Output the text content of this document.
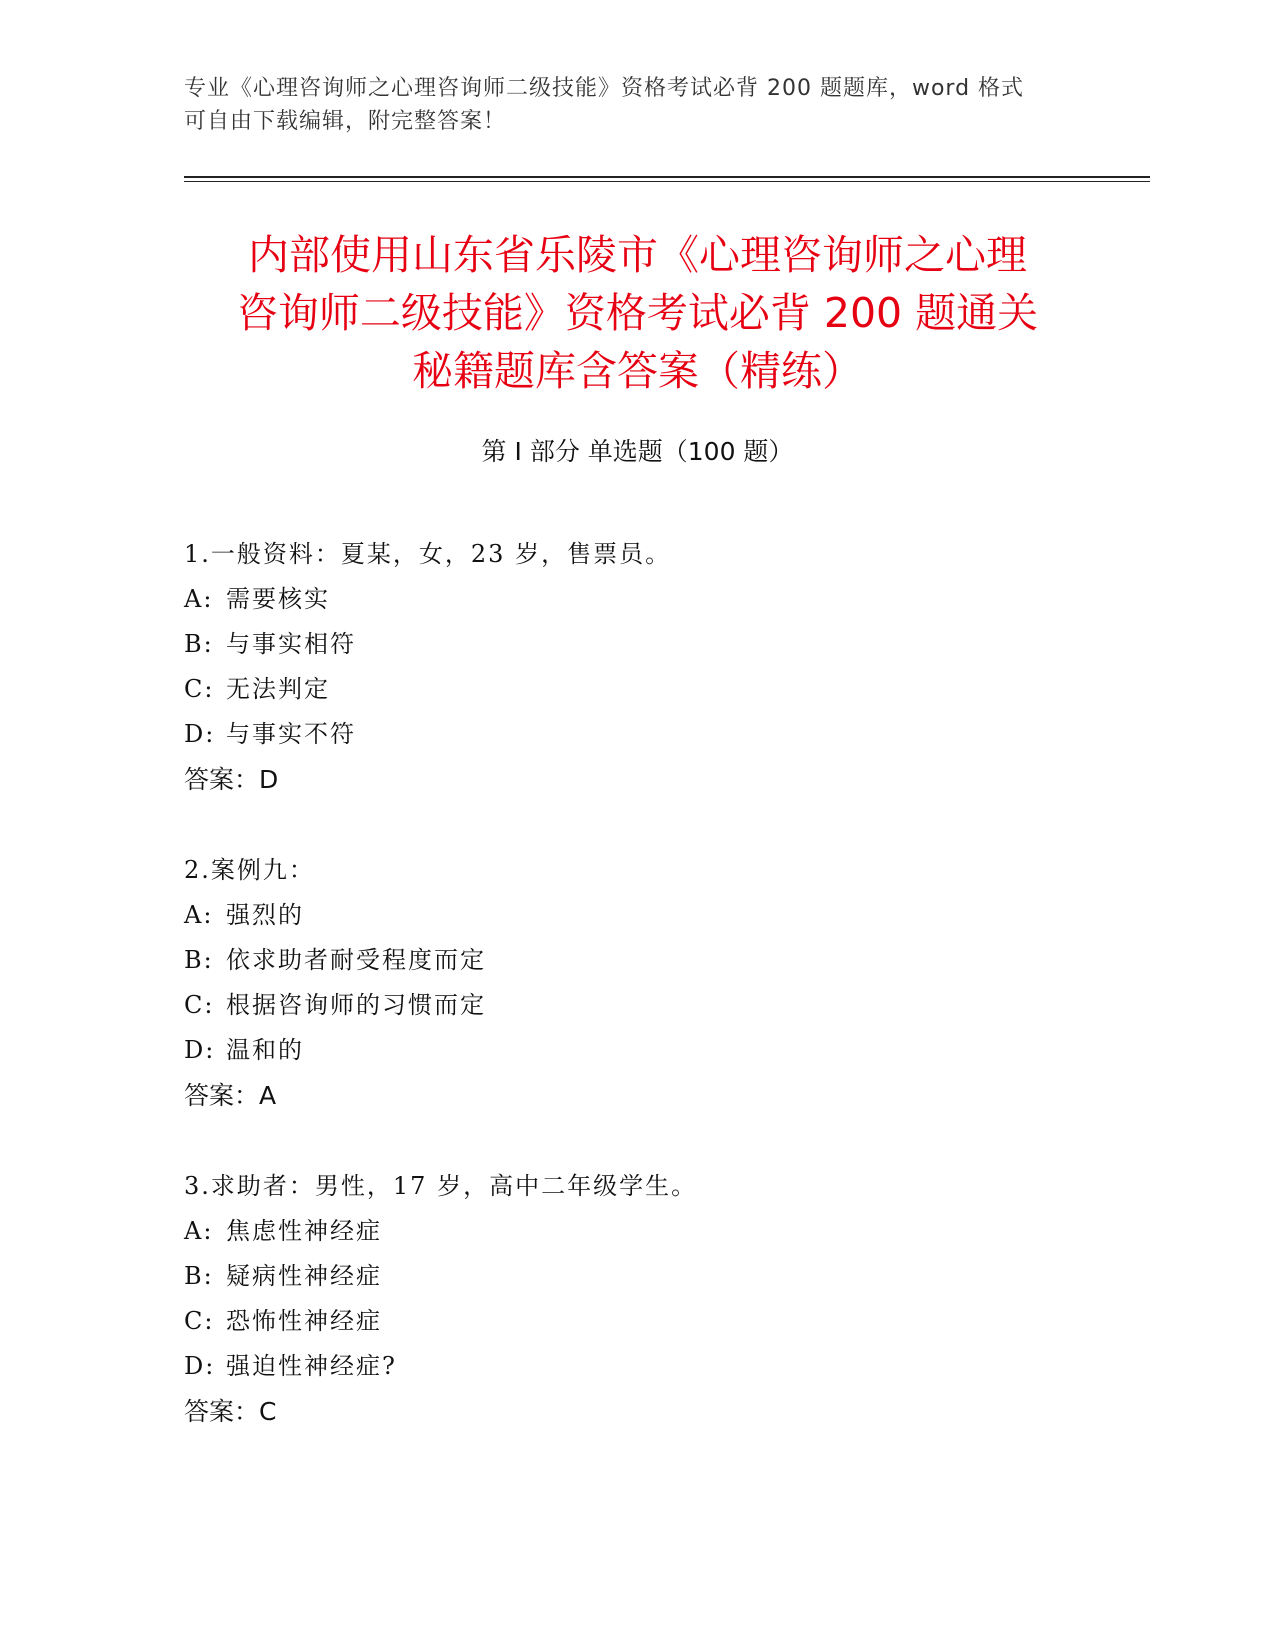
专业《心理咨询师之心理咨询师二级技能》资格考试必背 200 题题库，word 格式
可自由下载编辑，附完整答案！
内部使用山东省乐陵市《心理咨询师之心理
咨询师二级技能》资格考试必背 200 题通关
秘籍题库含答案（精练）
第 I 部分 单选题（100 题）
1.一般资料：夏某，女，23 岁，售票员。
A: 需要核实
B: 与事实相符
C: 无法判定
D: 与事实不符
答案：D
2.案例九：
A: 强烈的
B: 依求助者耐受程度而定
C: 根据咨询师的习惯而定
D: 温和的
答案：A
3.求助者：男性，17 岁，高中二年级学生。
A: 焦虑性神经症
B: 疑病性神经症
C: 恐怖性神经症
D: 强迫性神经症?
答案：C
